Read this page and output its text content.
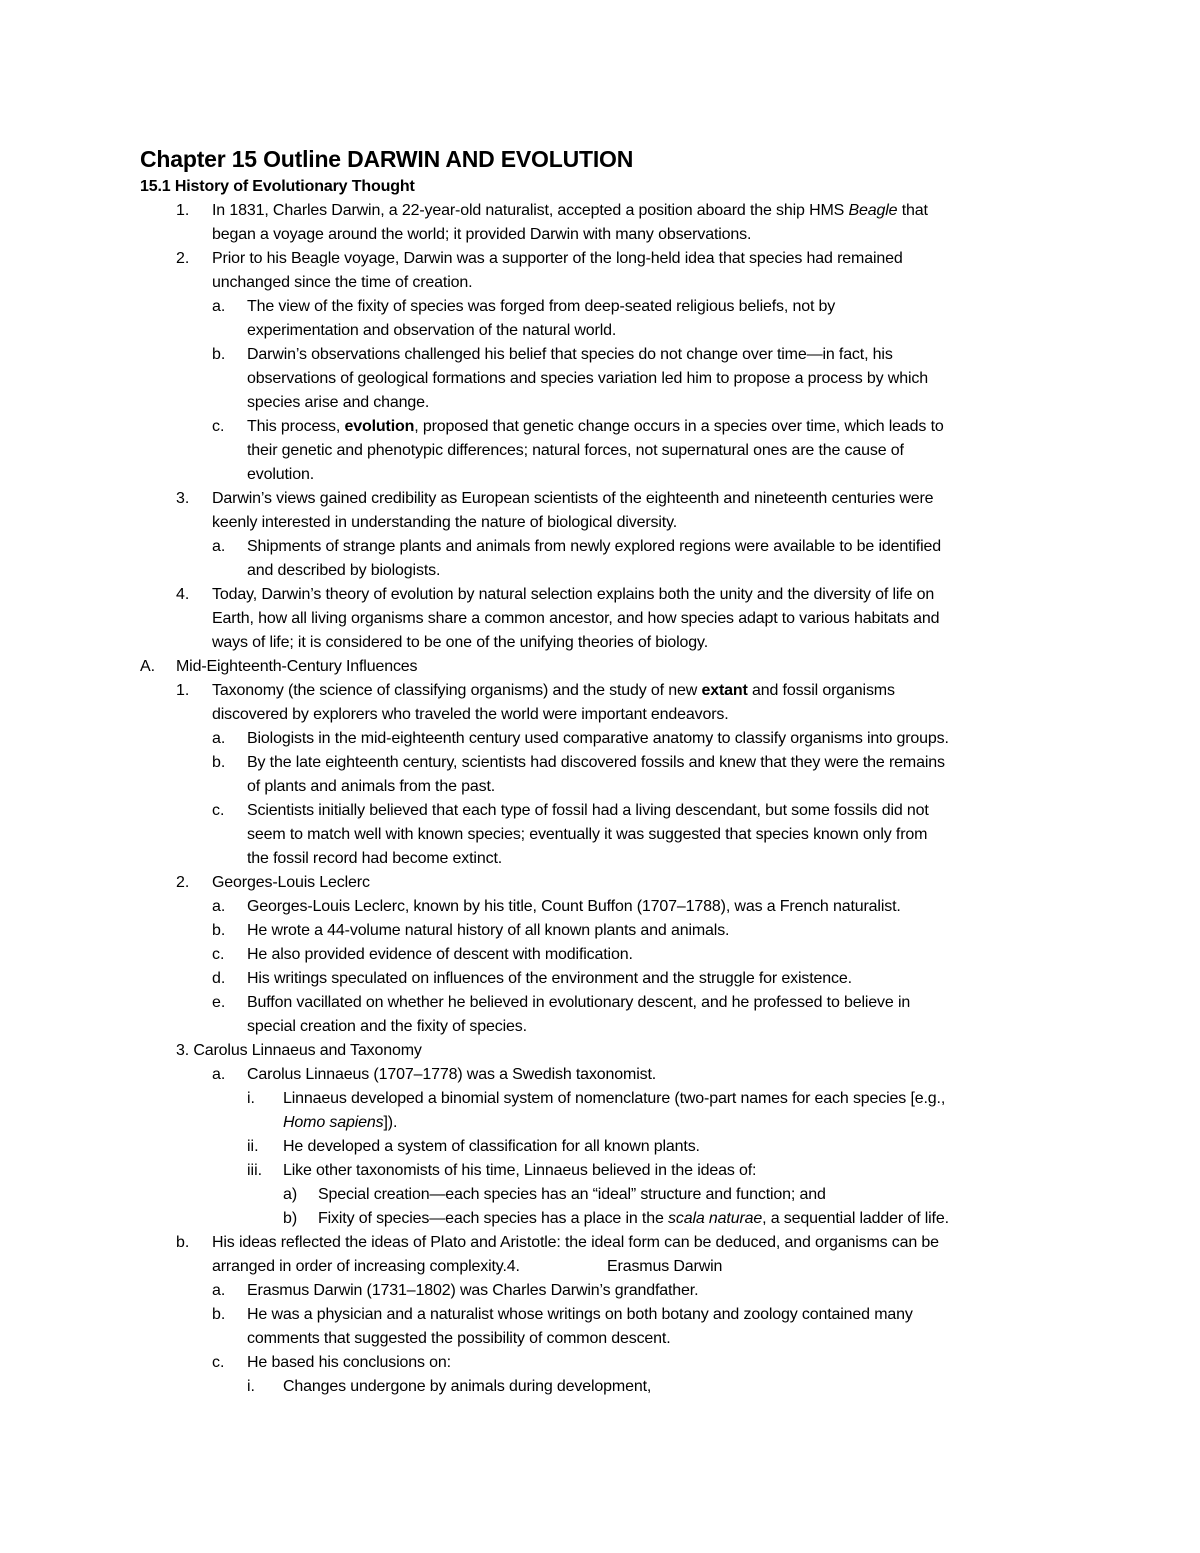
Chapter 15 Outline DARWIN AND EVOLUTION
15.1 History of Evolutionary Thought
1. In 1831, Charles Darwin, a 22-year-old naturalist, accepted a position aboard the ship HMS Beagle that
began a voyage around the world; it provided Darwin with many observations.
2. Prior to his Beagle voyage, Darwin was a supporter of the long-held idea that species had remained
unchanged since the time of creation.
a. The view of the fixity of species was forged from deep-seated religious beliefs, not by
experimentation and observation of the natural world.
b. Darwin’s observations challenged his belief that species do not change over time—in fact, his
observations of geological formations and species variation led him to propose a process by which
species arise and change.
c. This process, evolution, proposed that genetic change occurs in a species over time, which leads to
their genetic and phenotypic differences; natural forces, not supernatural ones are the cause of
evolution.
3. Darwin’s views gained credibility as European scientists of the eighteenth and nineteenth centuries were
keenly interested in understanding the nature of biological diversity.
a. Shipments of strange plants and animals from newly explored regions were available to be identified
and described by biologists.
4. Today, Darwin’s theory of evolution by natural selection explains both the unity and the diversity of life on
Earth, how all living organisms share a common ancestor, and how species adapt to various habitats and
ways of life; it is considered to be one of the unifying theories of biology.
A. Mid-Eighteenth-Century Influences
1. Taxonomy (the science of classifying organisms) and the study of new extant and fossil organisms
discovered by explorers who traveled the world were important endeavors.
a. Biologists in the mid-eighteenth century used comparative anatomy to classify organisms into groups.
b. By the late eighteenth century, scientists had discovered fossils and knew that they were the remains
of plants and animals from the past.
c. Scientists initially believed that each type of fossil had a living descendant, but some fossils did not
seem to match well with known species; eventually it was suggested that species known only from
the fossil record had become extinct.
2. Georges-Louis Leclerc
a. Georges-Louis Leclerc, known by his title, Count Buffon (1707–1788), was a French naturalist.
b. He wrote a 44-volume natural history of all known plants and animals.
c. He also provided evidence of descent with modification.
d. His writings speculated on influences of the environment and the struggle for existence.
e. Buffon vacillated on whether he believed in evolutionary descent, and he professed to believe in
special creation and the fixity of species.
3. Carolus Linnaeus and Taxonomy
a. Carolus Linnaeus (1707–1778) was a Swedish taxonomist.
i. Linnaeus developed a binomial system of nomenclature (two-part names for each species [e.g.,
Homo sapiens]).
ii. He developed a system of classification for all known plants.
iii. Like other taxonomists of his time, Linnaeus believed in the ideas of:
a) Special creation—each species has an “ideal” structure and function; and
b) Fixity of species—each species has a place in the scala naturae, a sequential ladder of life.
b. His ideas reflected the ideas of Plato and Aristotle: the ideal form can be deduced, and organisms can be
arranged in order of increasing complexity.4.	Erasmus Darwin
a. Erasmus Darwin (1731–1802) was Charles Darwin’s grandfather.
b. He was a physician and a naturalist whose writings on both botany and zoology contained many
comments that suggested the possibility of common descent.
c. He based his conclusions on:
i. Changes undergone by animals during development,
